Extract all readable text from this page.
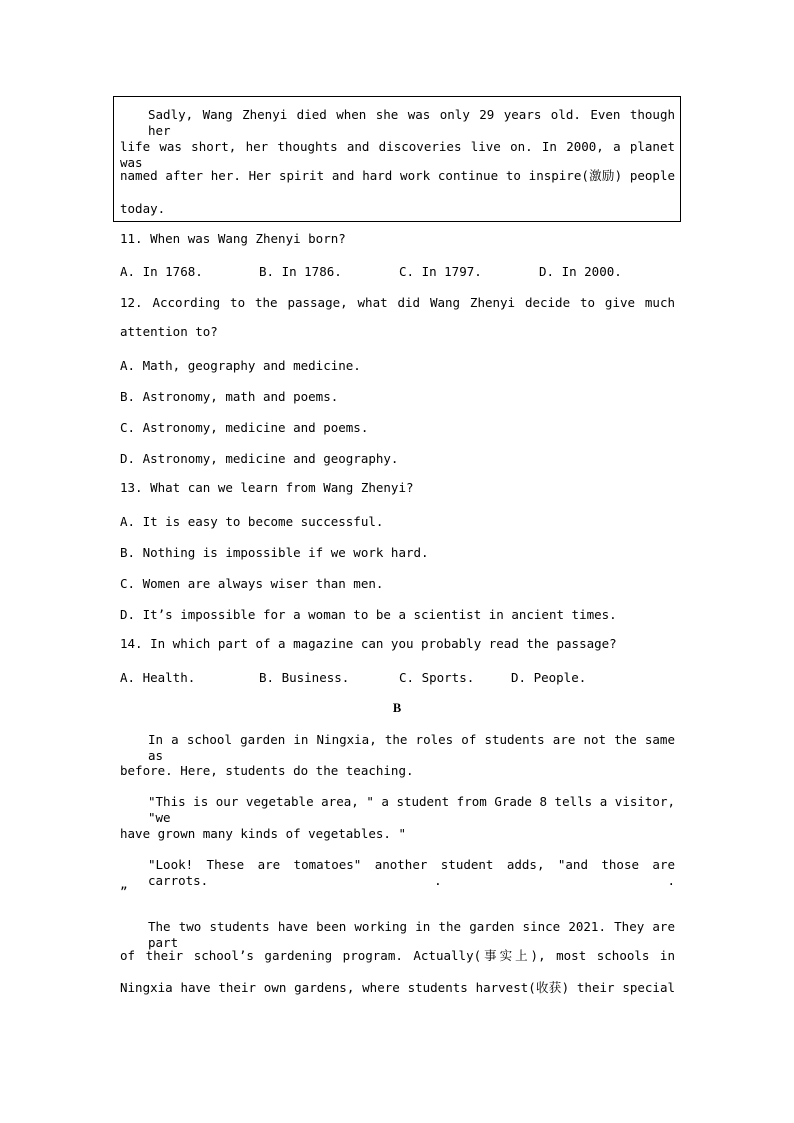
Sadly, Wang Zhenyi died when she was only 29 years old. Even though her
life was short, her thoughts and discoveries live on. In 2000, a planet was
named after her. Her spirit and hard work continue to inspire(激励) people
today.
11. When was Wang Zhenyi born?
A. In 1768.	B. In 1786.	C. In 1797.	D. In 2000.
12. According to the passage, what did Wang Zhenyi decide to give much
attention to?
A. Math, geography and medicine.
B. Astronomy, math and poems.
C. Astronomy, medicine and poems.
D. Astronomy, medicine and geography.
13. What can we learn from Wang Zhenyi?
A. It is easy to become successful.
B. Nothing is impossible if we work hard.
C. Women are always wiser than men.
D. It’s impossible for a woman to be a scientist in ancient times.
14. In which part of a magazine can you probably read the passage?
A. Health.	B. Business.	C. Sports.	D. People.
B
In a school garden in Ningxia, the roles of students are not the same as
before. Here, students do the teaching.
"This is our vegetable area, " a student from Grade 8 tells a visitor, "we
have grown many kinds of vegetables. "
"Look! These are tomatoes" another student adds, "and those are carrots. . .
”
The two students have been working in the garden since 2021. They are part
of their school’s gardening program. Actually(事实上), most schools in
Ningxia have their own gardens, where students harvest(收获) their special
